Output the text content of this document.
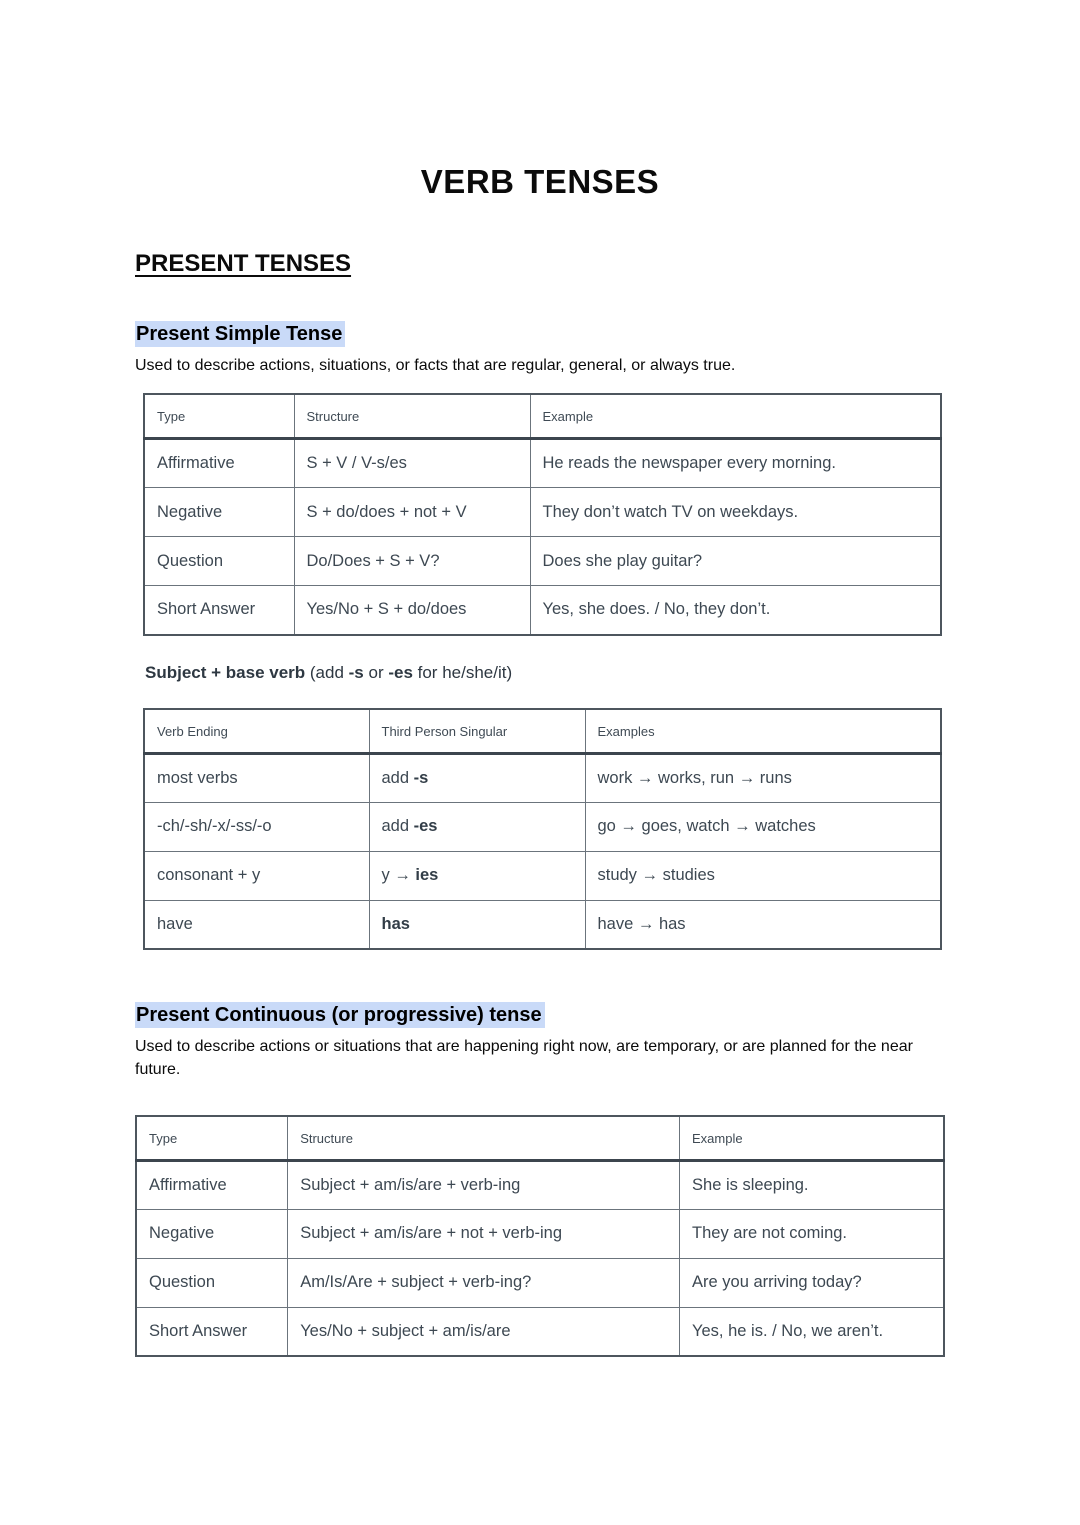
VERB TENSES
PRESENT TENSES
Present Simple Tense

Used to describe actions, situations, or facts that are regular, general, or always true.

Type	Structure	Example
Affirmative	S + V / V-s/es	He reads the newspaper every morning.
Negative	S + do/does + not + V	They don’t watch TV on weekdays.
Question	Do/Does + S + V?	Does she play guitar?
Short Answer	Yes/No + S + do/does	Yes, she does. / No, they don’t.

Subject + base verb (add -s or -es for he/she/it)

Verb Ending	Third Person Singular	Examples
most verbs	add -s	work → works, run → runs
-ch/-sh/-x/-ss/-o	add -es	go → goes, watch → watches
consonant + y	y → ies	study → studies
have	has	have → has
Present Continuous (or progressive) tense

Used to describe actions or situations that are happening right now, are temporary, or are planned for the near future.

Type	Structure	Example
Affirmative	Subject + am/is/are + verb-ing	She is sleeping.
Negative	Subject + am/is/are + not + verb-ing	They are not coming.
Question	Am/Is/Are + subject + verb-ing?	Are you arriving today?
Short Answer	Yes/No + subject + am/is/are	Yes, he is. / No, we aren’t.
